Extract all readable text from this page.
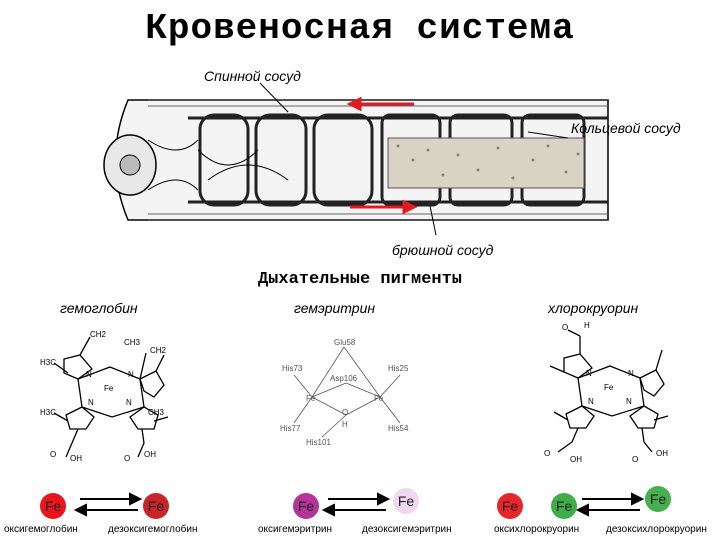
Кровеносная система
Спинной сосуд
Кольцевой сосуд
брюшной сосуд
Дыхательные пигменты
гемоглобин	гемэритрин	хлорокруорин
CH2
CH3
CH2
H3C
H3C	CH3
N	N
N	N
Fe
O OH	O OH
Glu58
His73
Asp106
His25
His77	His54
His101
Fe	Fe
O
H
O H
N	N
N	N
Fe
O
OH	O
OH
Fe	Fe	Fe	Fe	Fe	Fe	Fe
оксигемоглобин	дезоксигемоглобин	оксигемэритрин	дезоксигемэритрин	оксихлорокруорин	дезоксихлорокруорин
